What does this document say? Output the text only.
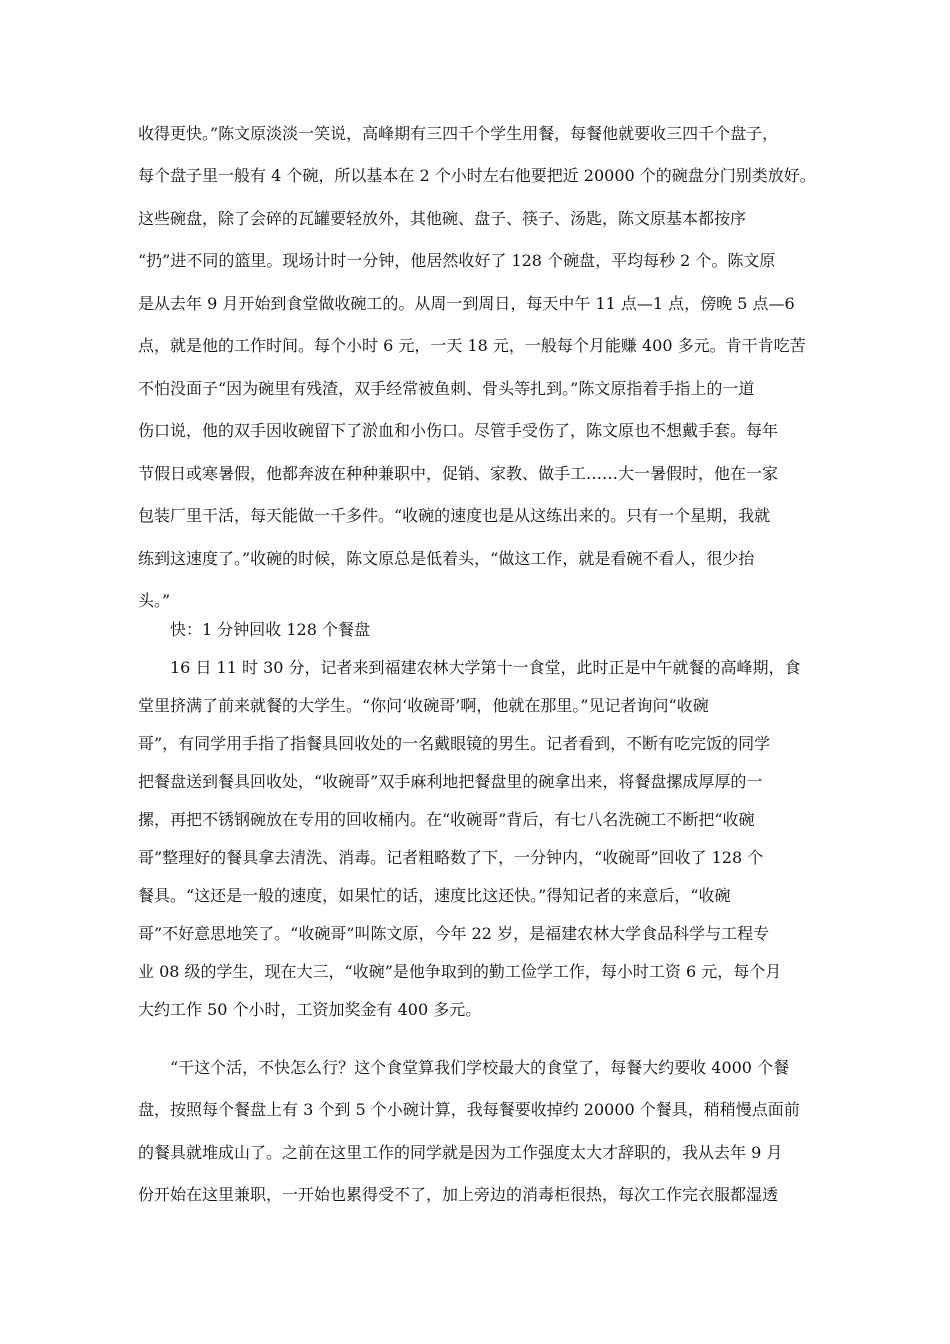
收得更快。”陈文原淡淡一笑说，高峰期有三四千个学生用餐，每餐他就要收三四千个盘子，
每个盘子里一般有 4 个碗，所以基本在 2 个小时左右他要把近 20000 个的碗盘分门别类放好。
这些碗盘，除了会碎的瓦罐要轻放外，其他碗、盘子、筷子、汤匙，陈文原基本都按序
“扔”进不同的篮里。现场计时一分钟，他居然收好了 128 个碗盘，平均每秒 2 个。陈文原
是从去年 9 月开始到食堂做收碗工的。从周一到周日，每天中午 11 点—1 点，傍晚 5 点—6
点，就是他的工作时间。每个小时 6 元，一天 18 元，一般每个月能赚 400 多元。肯干肯吃苦
不怕没面子“因为碗里有残渣，双手经常被鱼刺、骨头等扎到。”陈文原指着手指上的一道
伤口说，他的双手因收碗留下了淤血和小伤口。尽管手受伤了，陈文原也不想戴手套。每年
节假日或寒暑假，他都奔波在种种兼职中，促销、家教、做手工……大一暑假时，他在一家
包装厂里干活，每天能做一千多件。“收碗的速度也是从这练出来的。只有一个星期，我就
练到这速度了。”收碗的时候，陈文原总是低着头，“做这工作，就是看碗不看人，很少抬
头。”
快：1 分钟回收 128 个餐盘
16 日 11 时 30 分，记者来到福建农林大学第十一食堂，此时正是中午就餐的高峰期，食
堂里挤满了前来就餐的大学生。“你问‘收碗哥’啊，他就在那里。”见记者询问“收碗
哥”，有同学用手指了指餐具回收处的一名戴眼镜的男生。记者看到，不断有吃完饭的同学
把餐盘送到餐具回收处，“收碗哥”双手麻利地把餐盘里的碗拿出来，将餐盘摞成厚厚的一
摞，再把不锈钢碗放在专用的回收桶内。在“收碗哥”背后，有七八名洗碗工不断把“收碗
哥”整理好的餐具拿去清洗、消毒。记者粗略数了下，一分钟内，“收碗哥”回收了 128 个
餐具。“这还是一般的速度，如果忙的话，速度比这还快。”得知记者的来意后，“收碗
哥”不好意思地笑了。“收碗哥”叫陈文原，今年 22 岁，是福建农林大学食品科学与工程专
业 08 级的学生，现在大三，“收碗”是他争取到的勤工俭学工作，每小时工资 6 元，每个月
大约工作 50 个小时，工资加奖金有 400 多元。
“干这个活，不快怎么行？这个食堂算我们学校最大的食堂了，每餐大约要收 4000 个餐
盘，按照每个餐盘上有 3 个到 5 个小碗计算，我每餐要收掉约 20000 个餐具，稍稍慢点面前
的餐具就堆成山了。之前在这里工作的同学就是因为工作强度太大才辞职的，我从去年 9 月
份开始在这里兼职，一开始也累得受不了，加上旁边的消毒柜很热，每次工作完衣服都湿透
